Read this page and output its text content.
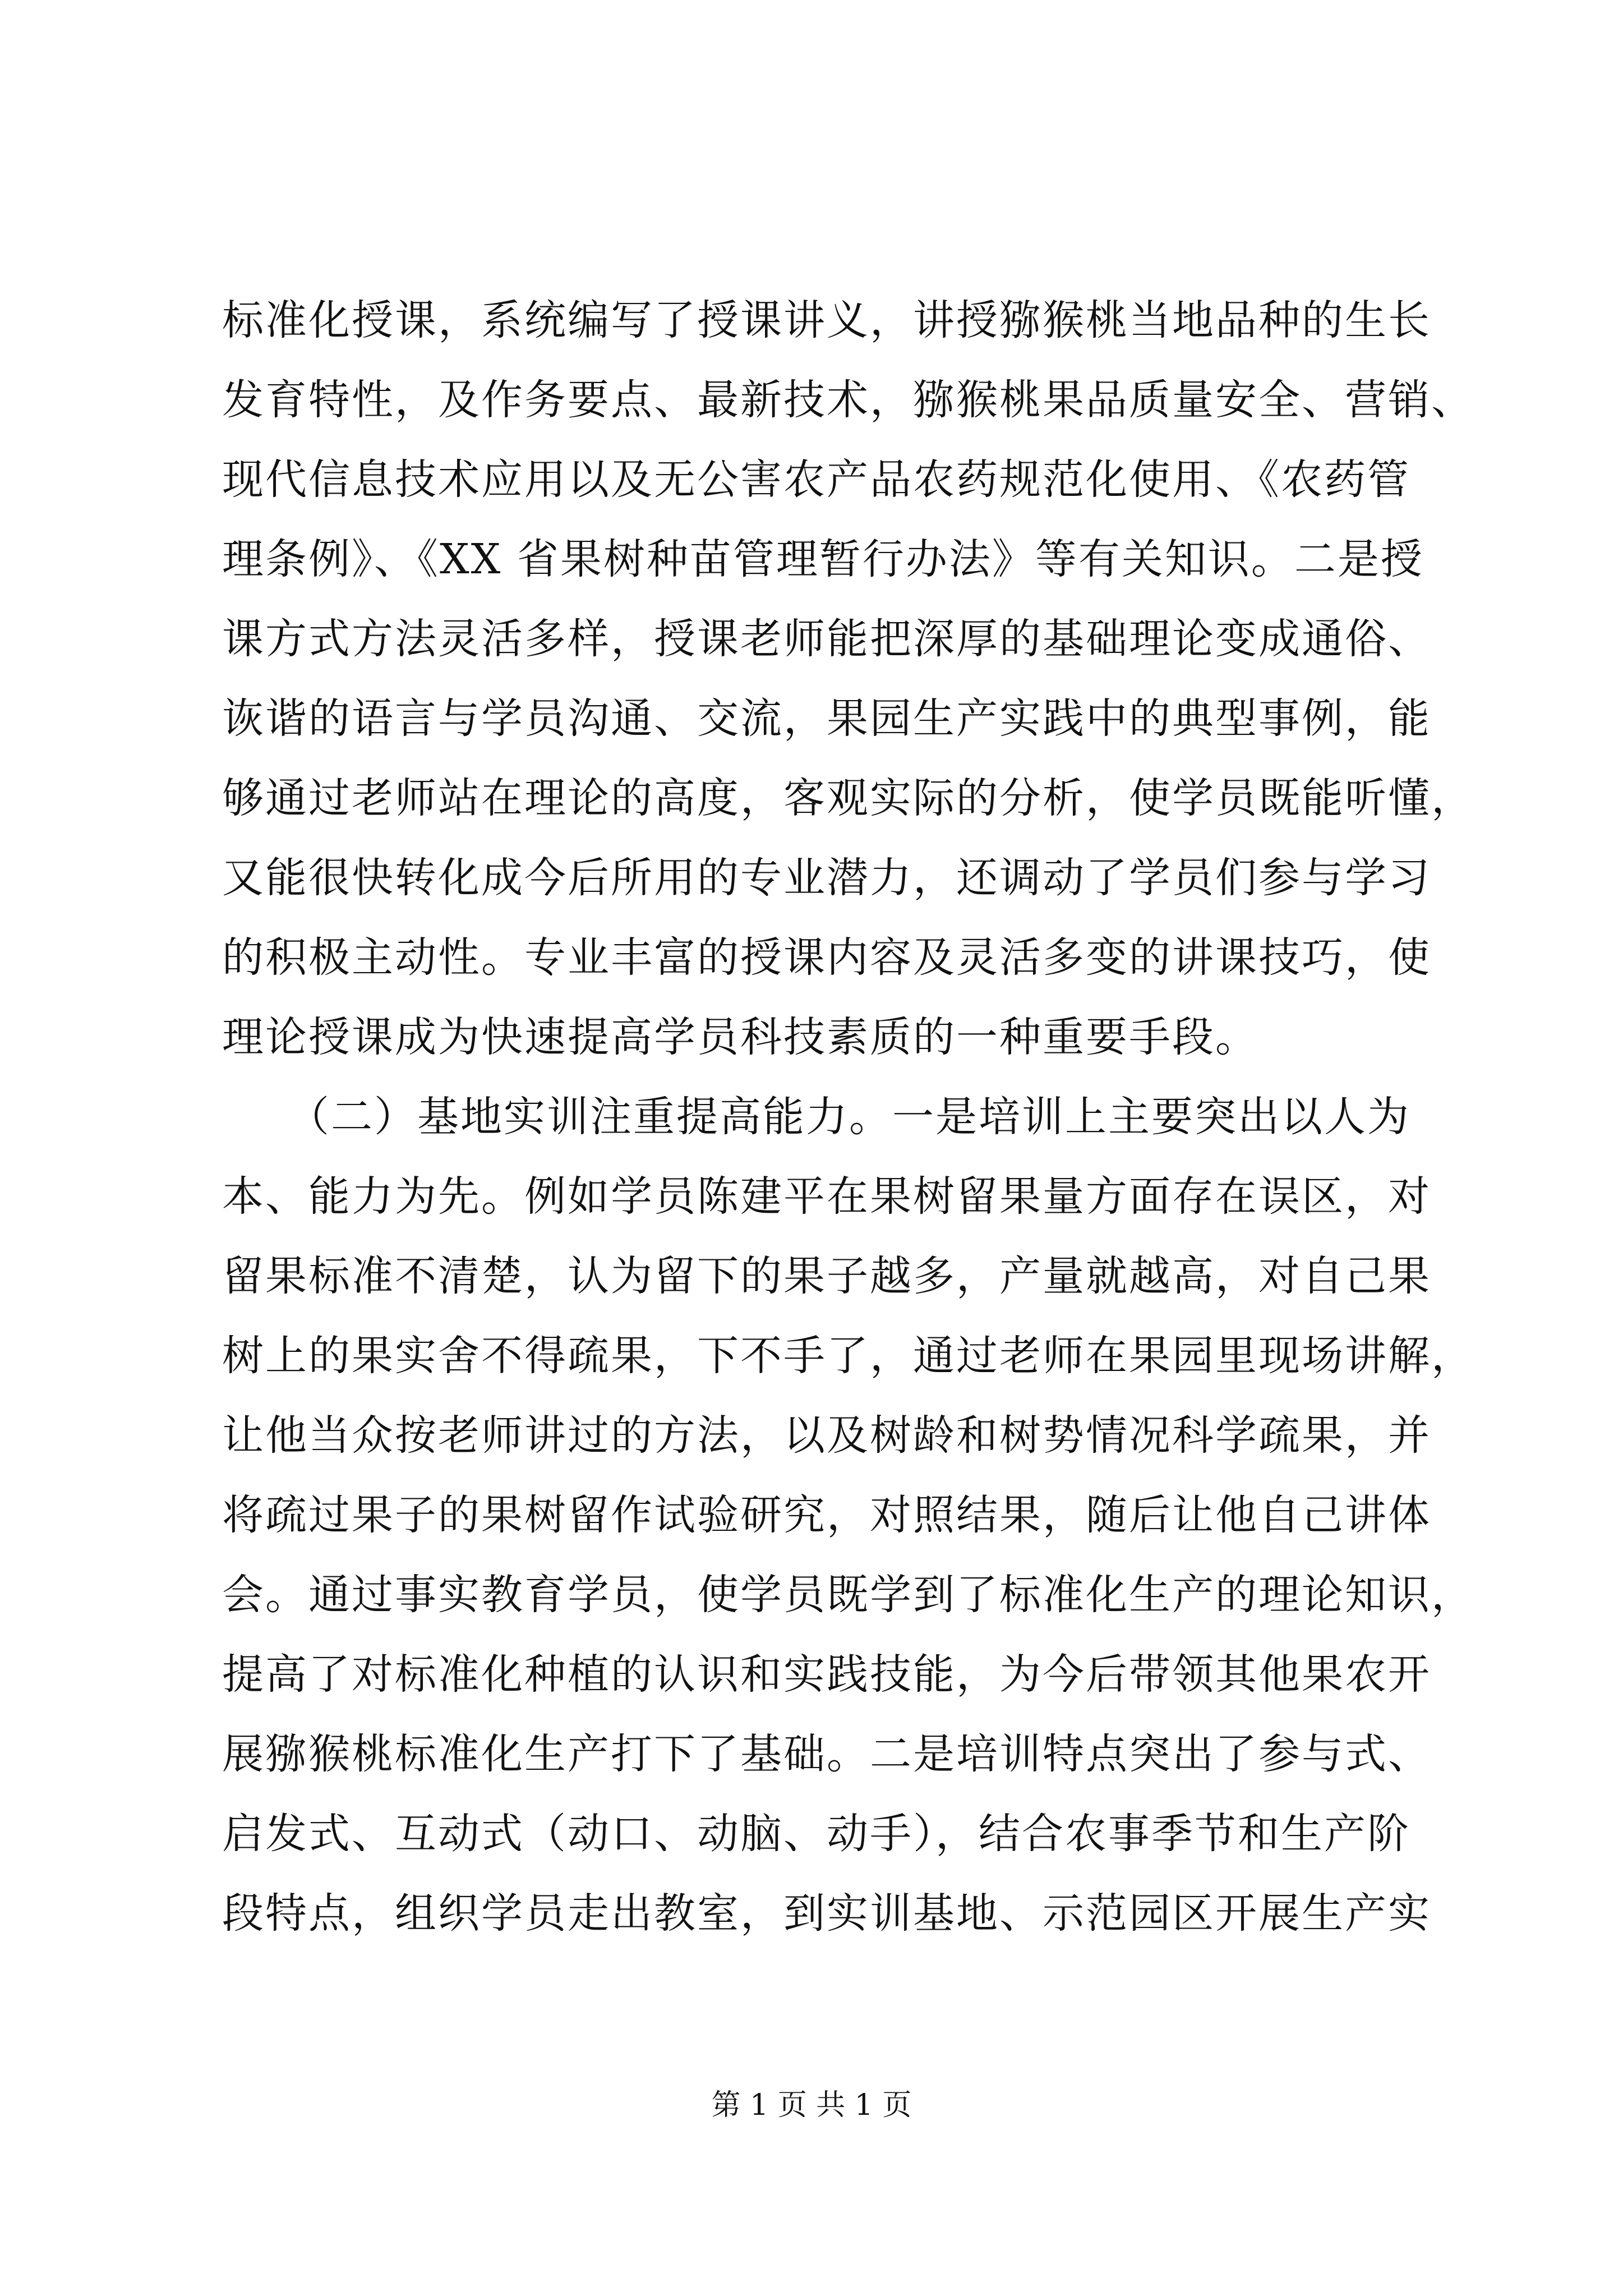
标准化授课，系统编写了授课讲义，讲授猕猴桃当地品种的生长
发育特性，及作务要点、最新技术，猕猴桃果品质量安全、营销、
现代信息技术应用以及无公害农产品农药规范化使用、《农药管
理条例》、《XX 省果树种苗管理暂行办法》等有关知识。二是授
课方式方法灵活多样，授课老师能把深厚的基础理论变成通俗、
诙谐的语言与学员沟通、交流，果园生产实践中的典型事例，能
够通过老师站在理论的高度，客观实际的分析，使学员既能听懂，
又能很快转化成今后所用的专业潜力，还调动了学员们参与学习
的积极主动性。专业丰富的授课内容及灵活多变的讲课技巧，使
理论授课成为快速提高学员科技素质的一种重要手段。
　　（二）基地实训注重提高能力。一是培训上主要突出以人为
本、能力为先。例如学员陈建平在果树留果量方面存在误区，对
留果标准不清楚，认为留下的果子越多，产量就越高，对自己果
树上的果实舍不得疏果，下不手了，通过老师在果园里现场讲解，
让他当众按老师讲过的方法，以及树龄和树势情况科学疏果，并
将疏过果子的果树留作试验研究，对照结果，随后让他自己讲体
会。通过事实教育学员，使学员既学到了标准化生产的理论知识，
提高了对标准化种植的认识和实践技能，为今后带领其他果农开
展猕猴桃标准化生产打下了基础。二是培训特点突出了参与式、
启发式、互动式（动口、动脑、动手），结合农事季节和生产阶
段特点，组织学员走出教室，到实训基地、示范园区开展生产实
第 1 页 共 1 页
